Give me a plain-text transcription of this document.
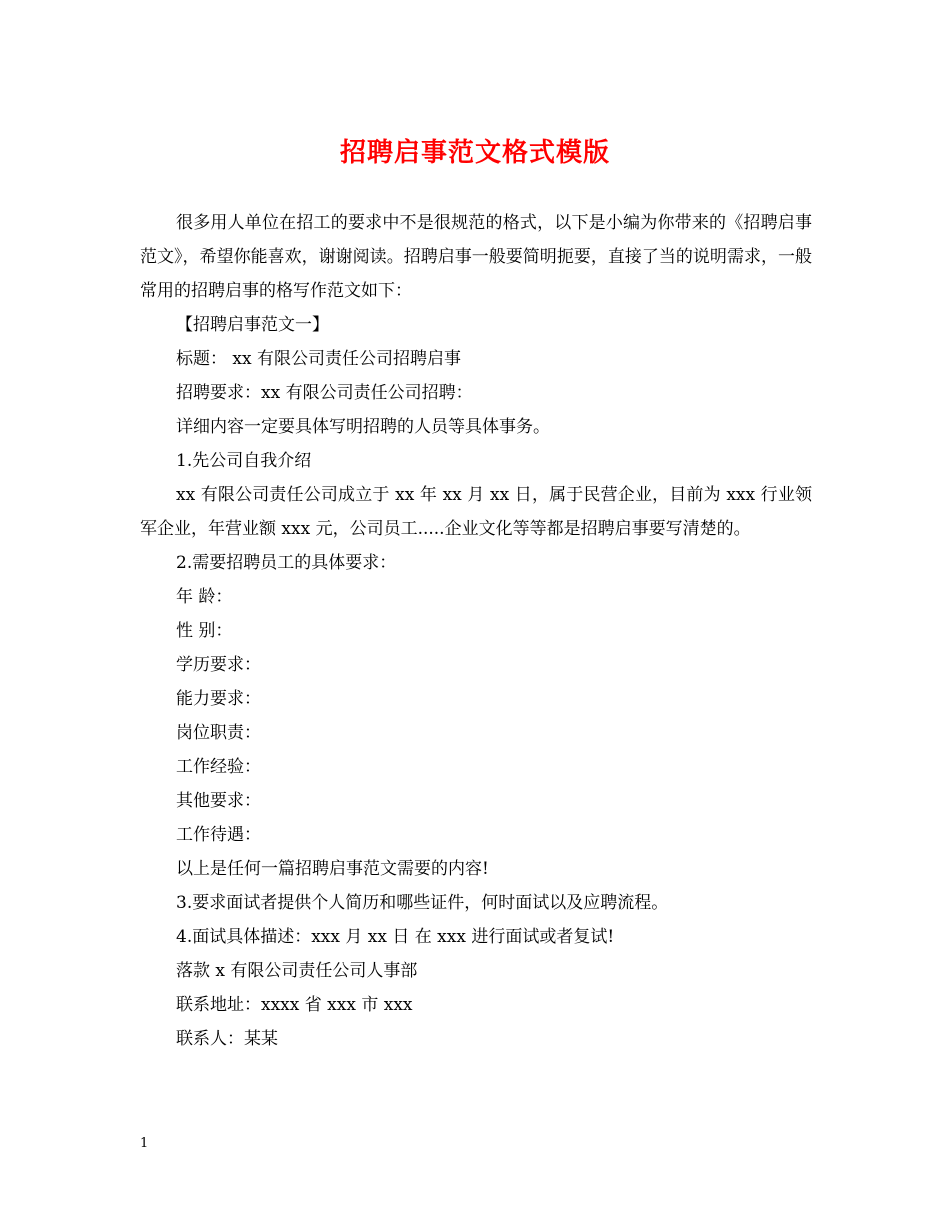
招聘启事范文格式模版

很多用人单位在招工的要求中不是很规范的格式，以下是小编为你带来的《招聘启事范文》，希望你能喜欢，谢谢阅读。招聘启事一般要简明扼要，直接了当的说明需求，一般常用的招聘启事的格写作范文如下：

【招聘启事范文一】

标题： xx 有限公司责任公司招聘启事

招聘要求：xx 有限公司责任公司招聘：

详细内容一定要具体写明招聘的人员等具体事务。

1.先公司自我介绍

xx 有限公司责任公司成立于 xx 年 xx 月 xx 日，属于民营企业，目前为 xxx 行业领军企业，年营业额 xxx 元，公司员工.....企业文化等等都是招聘启事要写清楚的。

2.需要招聘员工的具体要求：

年 龄：

性 别：

学历要求：

能力要求：

岗位职责：

工作经验：

其他要求：

工作待遇：

以上是任何一篇招聘启事范文需要的内容!

3.要求面试者提供个人简历和哪些证件，何时面试以及应聘流程。

4.面试具体描述：xxx 月 xx 日 在 xxx 进行面试或者复试!

落款 x 有限公司责任公司人事部

联系地址：xxxx 省 xxx 市 xxx

联系人：某某

1
